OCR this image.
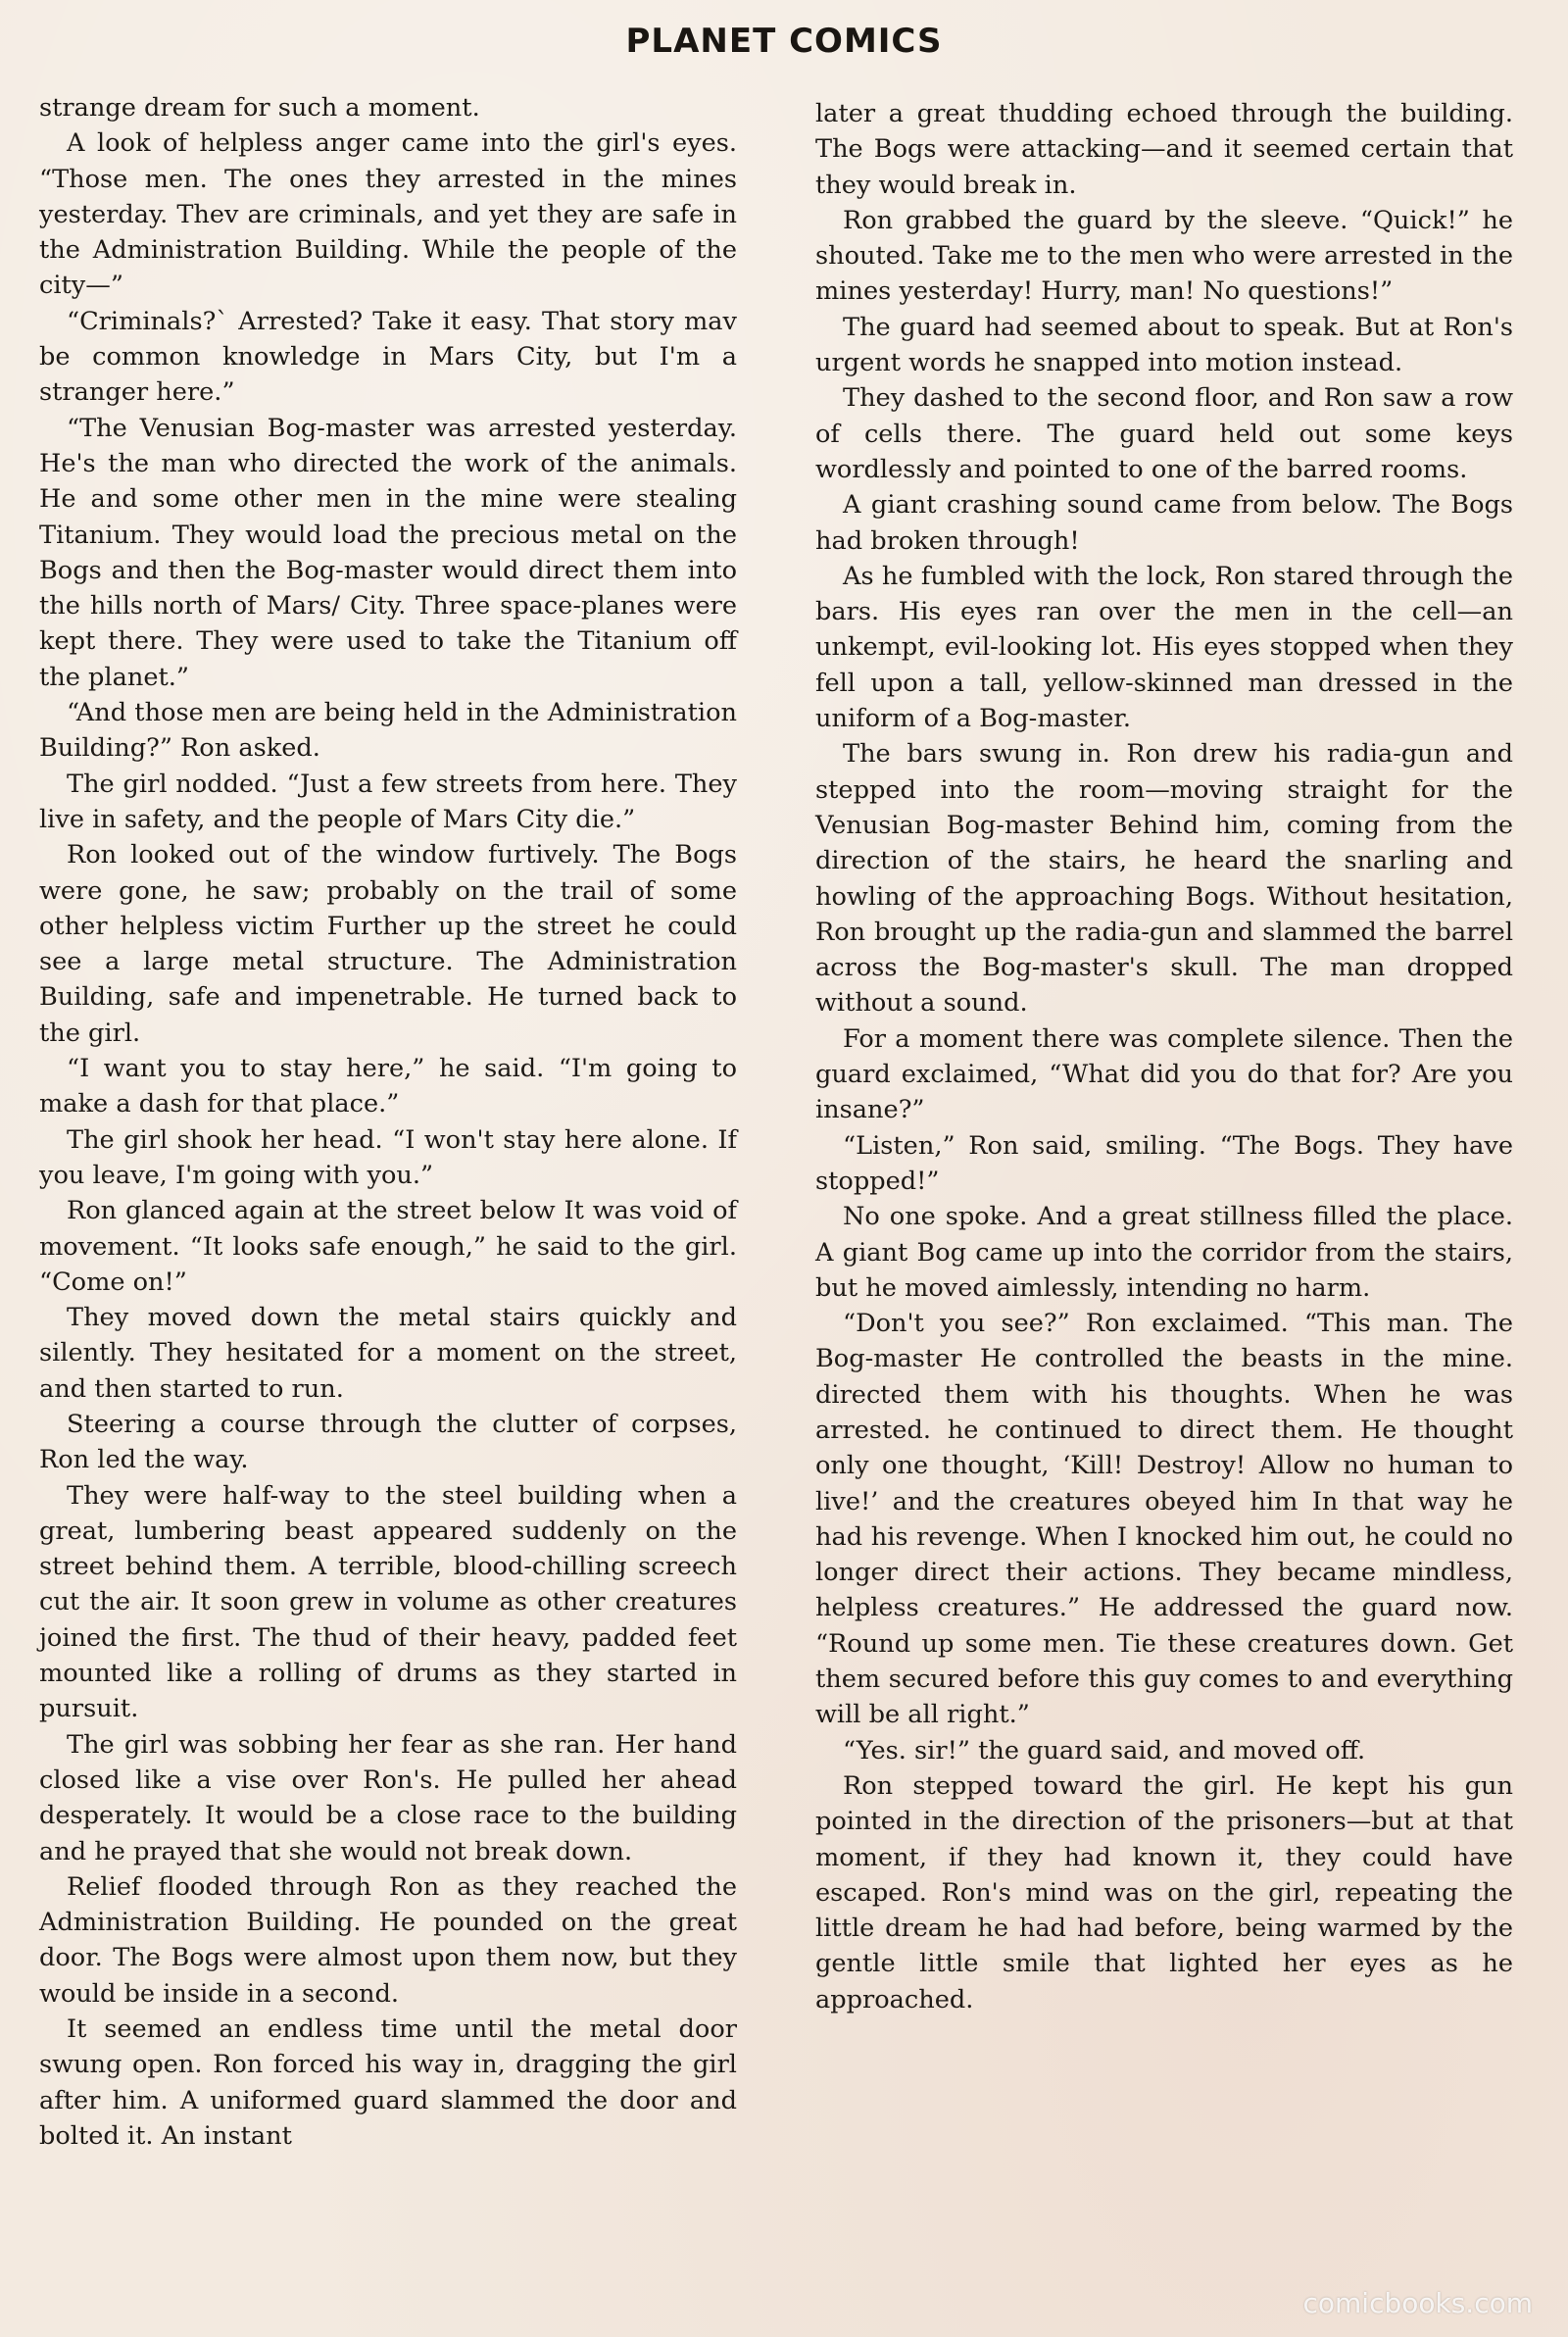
PLANET COMICS

strange dream for such a moment.

A look of helpless anger came into the girl's eyes. “Those men. The ones they arrested in the mines yesterday. Thev are criminals, and yet they are safe in the Administration Building. While the people of the city—”

“Criminals?` Arrested? Take it easy. That story mav be common knowledge in Mars City, but I'm a stranger here.”

“The Venusian Bog-master was arrested yesterday. He's the man who directed the work of the animals. He and some other men in the mine were stealing Titanium. They would load the precious metal on the Bogs and then the Bog-master would direct them into the hills north of Mars/ City. Three space-planes were kept there. They were used to take the Titanium off the planet.”

“And those men are being held in the Administration Building?” Ron asked.

The girl nodded. “Just a few streets from here. They live in safety, and the people of Mars City die.”

Ron looked out of the window furtively. The Bogs were gone, he saw; probably on the trail of some other helpless victim Further up the street he could see a large metal structure. The Administration Building, safe and impenetrable. He turned back to the girl.

“I want you to stay here,” he said. “I'm going to make a dash for that place.”

The girl shook her head. “I won't stay here alone. If you leave, I'm going with you.”

Ron glanced again at the street below It was void of movement. “It looks safe enough,” he said to the girl. “Come on!”

They moved down the metal stairs quickly and silently. They hesitated for a moment on the street, and then started to run.

Steering a course through the clutter of corpses, Ron led the way.

They were half-way to the steel building when a great, lumbering beast appeared suddenly on the street behind them. A terrible, blood-chilling screech cut the air. It soon grew in volume as other creatures joined the first. The thud of their heavy, padded feet mounted like a rolling of drums as they started in pursuit.

The girl was sobbing her fear as she ran. Her hand closed like a vise over Ron's. He pulled her ahead desperately. It would be a close race to the building and he prayed that she would not break down.

Relief flooded through Ron as they reached the Administration Building. He pounded on the great door. The Bogs were almost upon them now, but they would be inside in a second.

It seemed an endless time until the metal door swung open. Ron forced his way in, dragging the girl after him. A uniformed guard slammed the door and bolted it. An instant

later a great thudding echoed through the building. The Bogs were attacking—and it seemed certain that they would break in.

Ron grabbed the guard by the sleeve. “Quick!” he shouted. Take me to the men who were arrested in the mines yesterday! Hurry, man! No questions!”

The guard had seemed about to speak. But at Ron's urgent words he snapped into motion instead.

They dashed to the second floor, and Ron saw a row of cells there. The guard held out some keys wordlessly and pointed to one of the barred rooms.

A giant crashing sound came from below. The Bogs had broken through!

As he fumbled with the lock, Ron stared through the bars. His eyes ran over the men in the cell—an unkempt, evil-looking lot. His eyes stopped when they fell upon a tall, yellow-skinned man dressed in the uniform of a Bog-master.

The bars swung in. Ron drew his radia-gun and stepped into the room—moving straight for the Venusian Bog-master Behind him, coming from the direction of the stairs, he heard the snarling and howling of the approaching Bogs. Without hesitation, Ron brought up the radia-gun and slammed the barrel across the Bog-master's skull. The man dropped without a sound.

For a moment there was complete silence. Then the guard exclaimed, “What did you do that for? Are you insane?”

“Listen,” Ron said, smiling. “The Bogs. They have stopped!”

No one spoke. And a great stillness filled the place. A giant Bog came up into the corridor from the stairs, but he moved aimlessly, intending no harm.

“Don't you see?” Ron exclaimed. “This man. The Bog-master He controlled the beasts in the mine. directed them with his thoughts. When he was arrested. he continued to direct them. He thought only one thought, ‘Kill! Destroy! Allow no human to live!’ and the creatures obeyed him In that way he had his revenge. When I knocked him out, he could no longer direct their actions. They became mindless, helpless creatures.” He addressed the guard now. “Round up some men. Tie these creatures down. Get them secured before this guy comes to and everything will be all right.”

“Yes. sir!” the guard said, and moved off.

Ron stepped toward the girl. He kept his gun pointed in the direction of the prisoners—but at that moment, if they had known it, they could have escaped. Ron's mind was on the girl, repeating the little dream he had had before, being warmed by the gentle little smile that lighted her eyes as he approached.

comicbooks.com
